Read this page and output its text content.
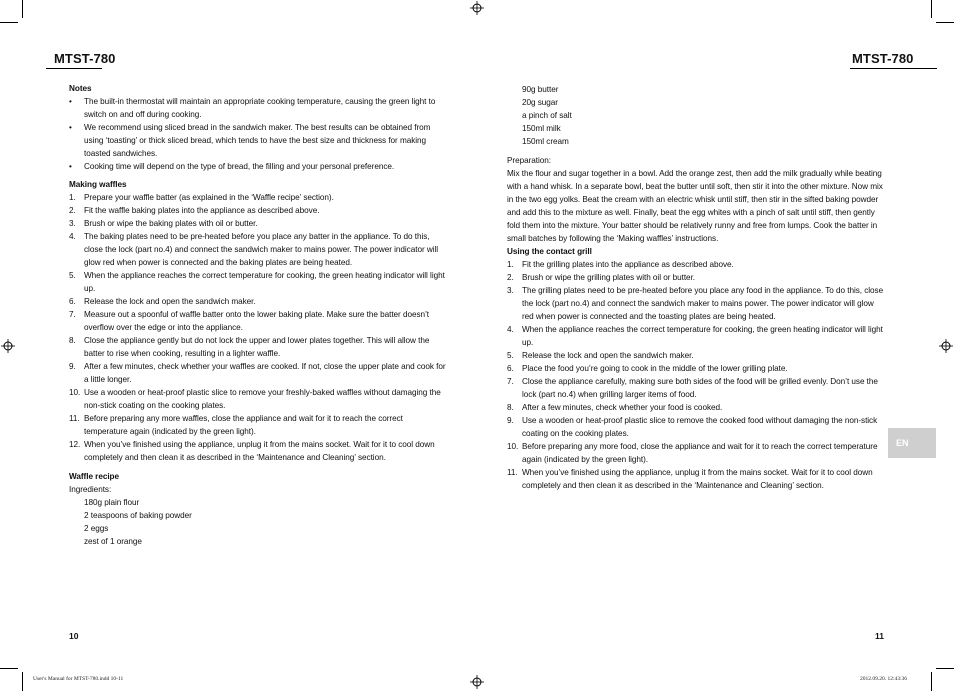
MTST-780	MTST-780

Notes

• The built-in thermostat will maintain an appropriate cooking temperature, causing the green light to switch on and off during cooking.

• We recommend using sliced bread in the sandwich maker. The best results can be obtained from using ‘toasting’ or thick sliced bread, which tends to have the best size and thickness for making toasted sandwiches.

• Cooking time will depend on the type of bread, the filling and your personal preference.

Making waffles

1. Prepare your waffle batter (as explained in the ‘Waffle recipe’ section).

2. Fit the waffle baking plates into the appliance as described above.

3. Brush or wipe the baking plates with oil or butter.

4. The baking plates need to be pre-heated before you place any batter in the appliance. To do this, close the lock (part no.4) and connect the sandwich maker to mains power. The power indicator will glow red when power is connected and the baking plates are being heated.

5. When the appliance reaches the correct temperature for cooking, the green heating indicator will light up.

6. Release the lock and open the sandwich maker.

7. Measure out a spoonful of waffle batter onto the lower baking plate. Make sure the batter doesn’t overflow over the edge or into the appliance.

8. Close the appliance gently but do not lock the upper and lower plates together. This will allow the batter to rise when cooking, resulting in a lighter waffle.

9. After a few minutes, check whether your waffles are cooked. If not, close the upper plate and cook for a little longer.

10. Use a wooden or heat-proof plastic slice to remove your freshly-baked waffles without damaging the non-stick coating on the cooking plates.

11. Before preparing any more waffles, close the appliance and wait for it to reach the correct temperature again (indicated by the green light).

12. When you’ve finished using the appliance, unplug it from the mains socket. Wait for it to cool down completely and then clean it as described in the ‘Maintenance and Cleaning’ section.

Waffle recipe

Ingredients:

180g plain flour

2 teaspoons of baking powder

2 eggs

zest of 1 orange

90g butter

20g sugar

a pinch of salt

150ml milk

150ml cream

Preparation:

Mix the flour and sugar together in a bowl. Add the orange zest, then add the milk gradually while beating with a hand whisk. In a separate bowl, beat the butter until soft, then stir it into the other mixture. Now mix in the two egg yolks. Beat the cream with an electric whisk until stiff, then stir in the sifted baking powder and add this to the mixture as well. Finally, beat the egg whites with a pinch of salt until stiff, then gently fold them into the mixture. Your batter should be relatively runny and free from lumps. Cook the batter in small batches by following the ‘Making waffles’ instructions.

Using the contact grill

1. Fit the grilling plates into the appliance as described above.

2. Brush or wipe the grilling plates with oil or butter.

3. The grilling plates need to be pre-heated before you place any food in the appliance. To do this, close the lock (part no.4) and connect the sandwich maker to mains power. The power indicator will glow red when power is connected and the toasting plates are being heated.

4. When the appliance reaches the correct temperature for cooking, the green heating indicator will light up.

5. Release the lock and open the sandwich maker.

6. Place the food you’re going to cook in the middle of the lower grilling plate.

7. Close the appliance carefully, making sure both sides of the food will be grilled evenly. Don’t use the lock (part no.4) when grilling larger items of food.

8. After a few minutes, check whether your food is cooked.

9. Use a wooden or heat-proof plastic slice to remove the cooked food without damaging the non-stick coating on the cooking plates.

10. Before preparing any more food, close the appliance and wait for it to reach the correct temperature again (indicated by the green light).

11. When you’ve finished using the appliance, unplug it from the mains socket. Wait for it to cool down completely and then clean it as described in the ‘Maintenance and Cleaning’ section.

EN
10	11
User's Manual for MTST-780.indd 10-11	2012.09.20. 12:43:36
